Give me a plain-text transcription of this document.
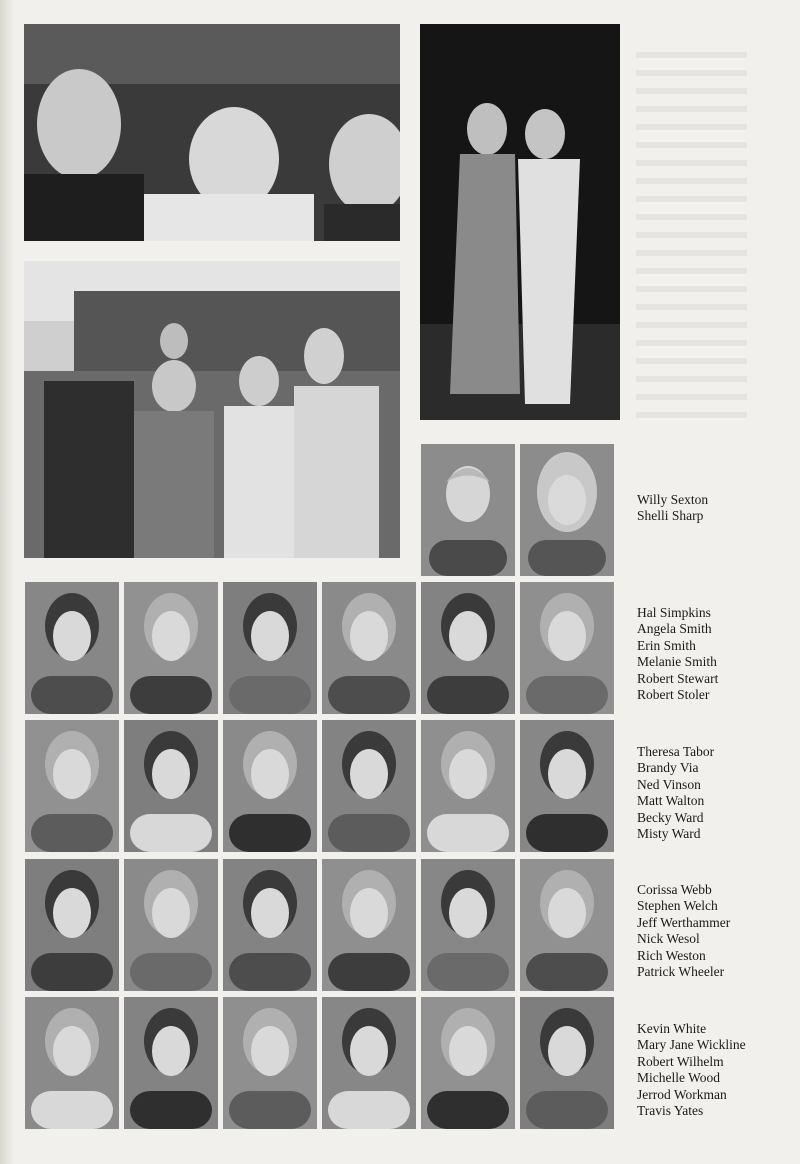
Willy Sexton
Shelli Sharp
Hal Simpkins
Angela Smith
Erin Smith
Melanie Smith
Robert Stewart
Robert Stoler
Theresa Tabor
Brandy Via
Ned Vinson
Matt Walton
Becky Ward
Misty Ward
Corissa Webb
Stephen Welch
Jeff Werthammer
Nick Wesol
Rich Weston
Patrick Wheeler
Kevin White
Mary Jane Wickline
Robert Wilhelm
Michelle Wood
Jerrod Workman
Travis Yates
